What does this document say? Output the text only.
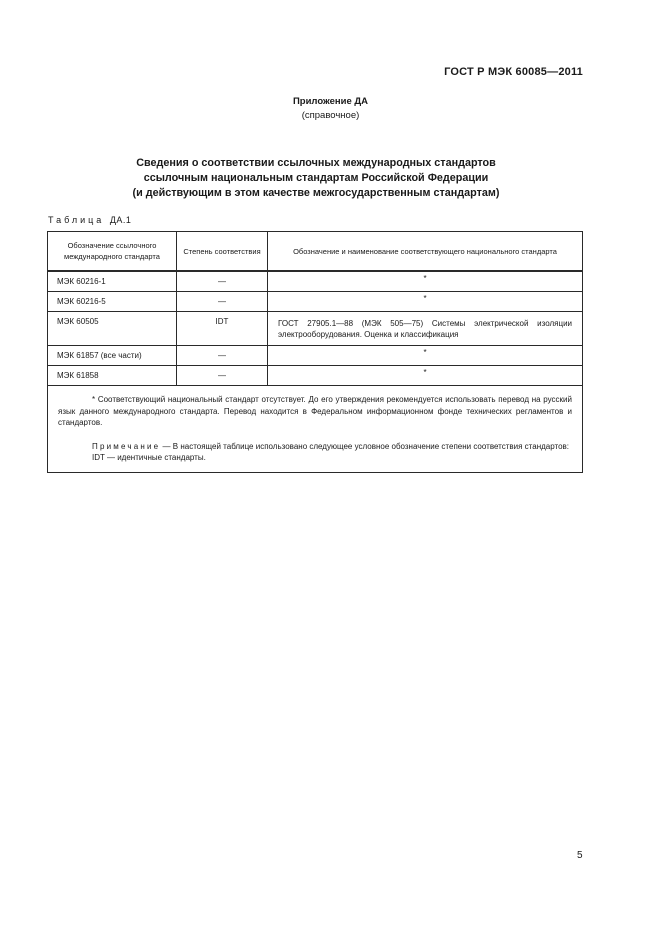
ГОСТ Р МЭК 60085—2011
Приложение ДА
(справочное)
Сведения о соответствии ссылочных международных стандартов
ссылочным национальным стандартам Российской Федерации
(и действующим в этом качестве межгосударственным стандартам)
Таблица ДА.1
Обозначение ссылочного международного стандарта	Степень соответствия	Обозначение и наименование соответствующего национального стандарта
МЭК 60216-1	—	*
МЭК 60216-5	—	*
МЭК 60505	IDT	ГОСТ 27905.1—88 (МЭК 505—75) Системы электрической изоляции электрооборудования. Оценка и классификация
МЭК 61857 (все части)	—	*
МЭК 61858	—	*

* Соответствующий национальный стандарт отсутствует. До его утверждения рекомендуется использовать перевод на русский язык данного международного стандарта. Перевод находится в Федеральном информационном фонде технических регламентов и стандартов.

Примечание — В настоящей таблице использовано следующее условное обозначение степени соответствия стандартов:

IDT — идентичные стандарты.		

5
